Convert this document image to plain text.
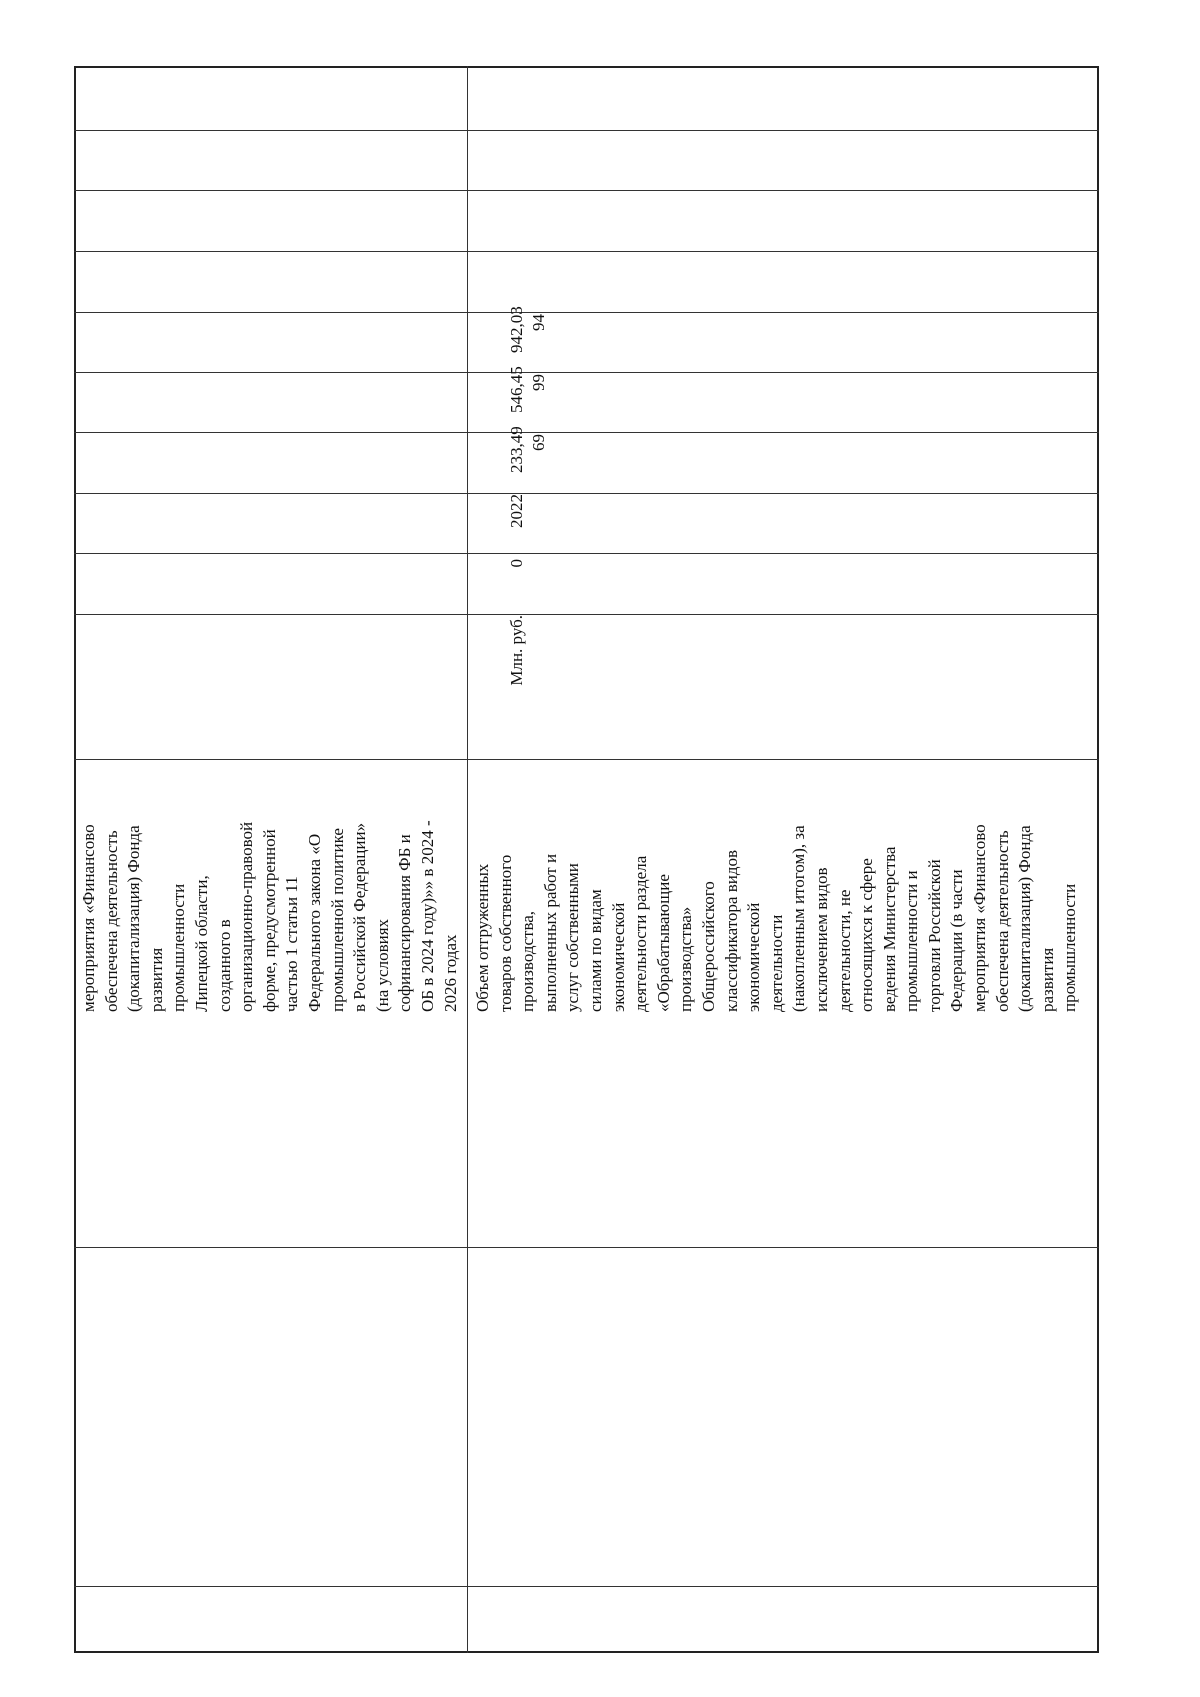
мероприятия «Финансово обеспечена деятельность (докапитализация) Фонда развития промышленности Липецкой области, созданного в организационно-правовой форме, предусмотренной частью 1 статьи 11 Федерального закона «О промышленной политике в Российской Федерации» (на условиях софинансирования ФБ и ОБ в 2024 году)»» в 2024 - 2026 годах Объем отгруженных товаров собственного производства, выполненных работ и услуг собственными силами по видам экономической деятельности раздела «Обрабатывающие производства» Общероссийского классификатора видов экономической деятельности (накопленным итогом), за исключением видов деятельности, не относящихся к сфере ведения Министерства промышленности и торговли Российской Федерации (в части мероприятия «Финансово обеспечена деятельность (докапитализация) Фонда развития промышленности

Млн. руб.

0

2022

233,49 69

546,45 99

942,03 94
